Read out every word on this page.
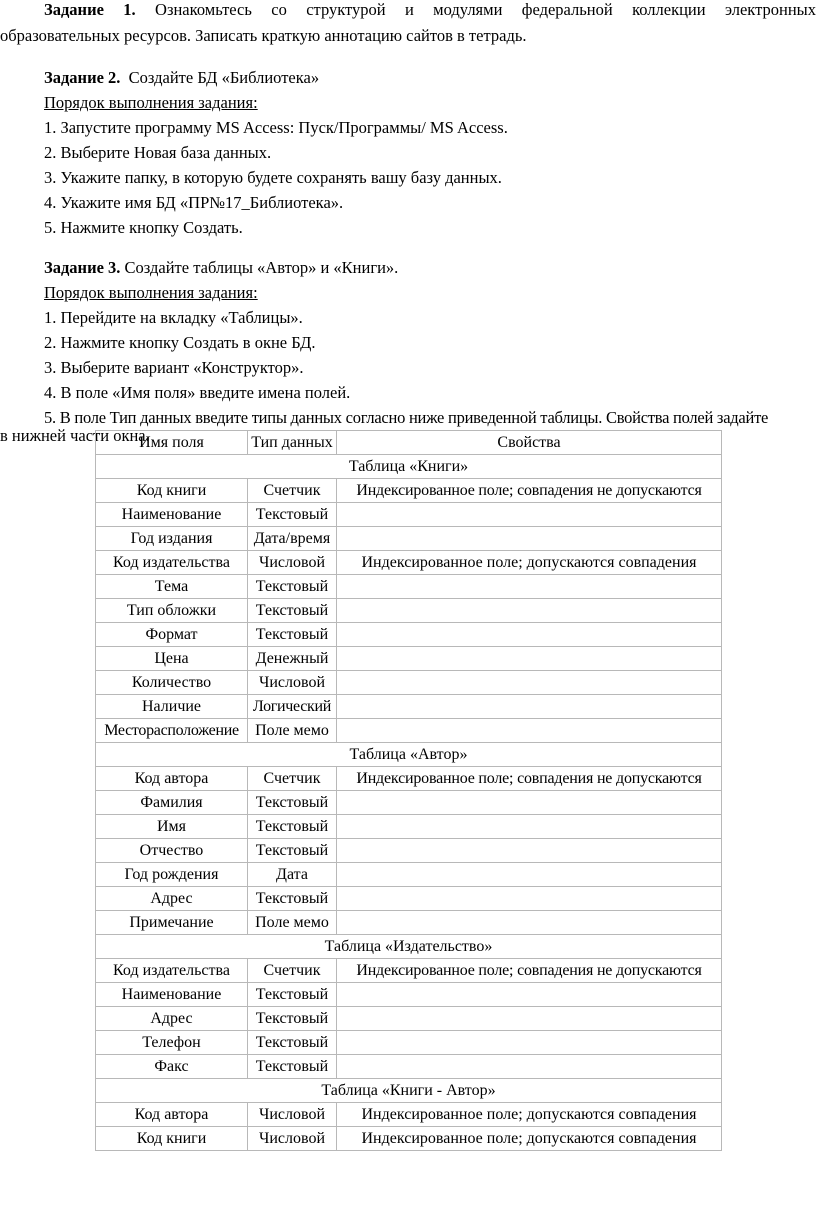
Задание 1. Ознакомьтесь со структурой и модулями федеральной коллекции электронных
образовательных ресурсов. Записать краткую аннотацию сайтов в тетрадь.
Задание 2. Создайте БД «Библиотека»
Порядок выполнения задания:
1. Запустите программу MS Access: Пуск/Программы/ MS Access.
2. Выберите Новая база данных.
3. Укажите папку, в которую будете сохранять вашу базу данных.
4. Укажите имя БД «ПР№17_Библиотека».
5. Нажмите кнопку Создать.
Задание 3. Создайте таблицы «Автор» и «Книги».
Порядок выполнения задания:
1. Перейдите на вкладку «Таблицы».
2. Нажмите кнопку Создать в окне БД.
3. Выберите вариант «Конструктор».
4. В поле «Имя поля» введите имена полей.
5. В поле Тип данных введите типы данных согласно ниже приведенной таблицы. Свойства полей задайте
в нижней части окна.
Имя поля	Тип данных	Свойства
Таблица «Книги»		
Код книги	Счетчик	Индексированное поле; совпадения не допускаются
Наименование	Текстовый	
Год издания	Дата/время	
Код издательства	Числовой	Индексированное поле; допускаются совпадения
Тема	Текстовый	
Тип обложки	Текстовый	
Формат	Текстовый	
Цена	Денежный	
Количество	Числовой	
Наличие	Логический	
Месторасположение	Поле мемо	
Таблица «Автор»		
Код автора	Счетчик	Индексированное поле; совпадения не допускаются
Фамилия	Текстовый	
Имя	Текстовый	
Отчество	Текстовый	
Год рождения	Дата	
Адрес	Текстовый	
Примечание	Поле мемо	
Таблица «Издательство»		
Код издательства	Счетчик	Индексированное поле; совпадения не допускаются
Наименование	Текстовый	
Адрес	Текстовый	
Телефон	Текстовый	
Факс	Текстовый	
Таблица «Книги - Автор»		
Код автора	Числовой	Индексированное поле; допускаются совпадения
Код книги	Числовой	Индексированное поле; допускаются совпадения
